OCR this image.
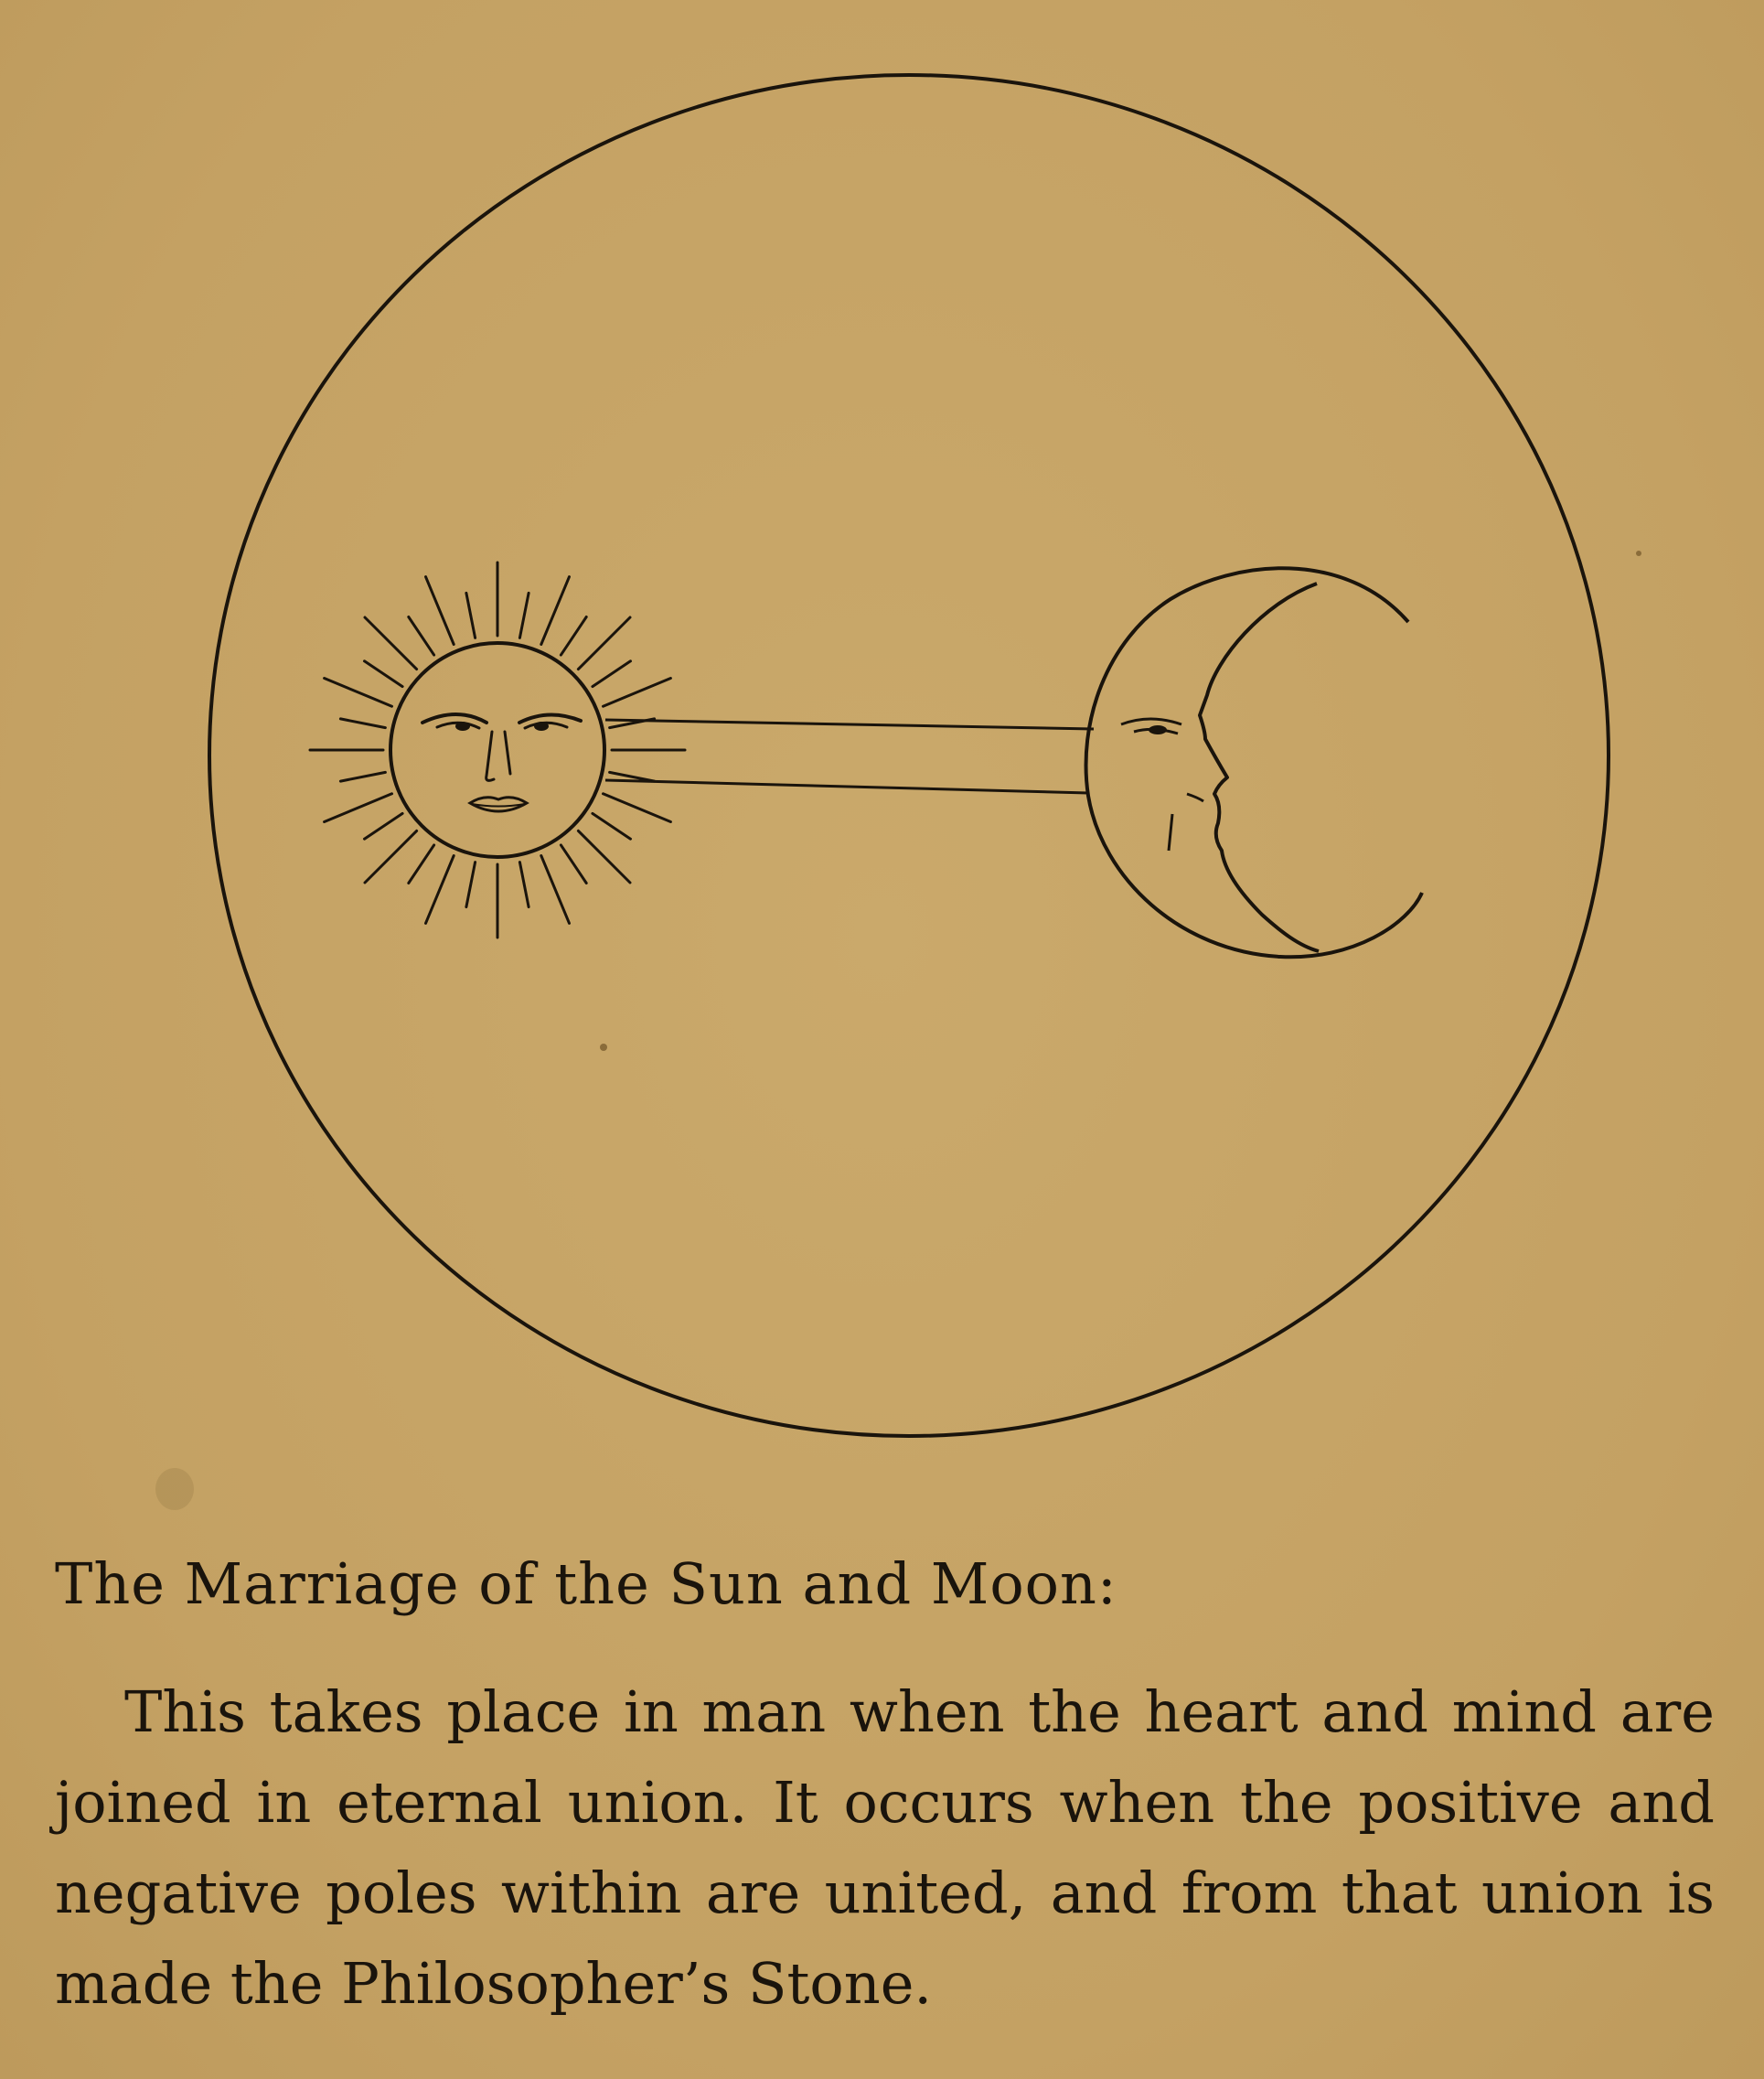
The Marriage of the Sun and Moon:

This takes place in man when the heart and mind are joined in eternal union. It occurs when the positive and negative poles within are united, and from that union is made the Philosopher’s Stone.
